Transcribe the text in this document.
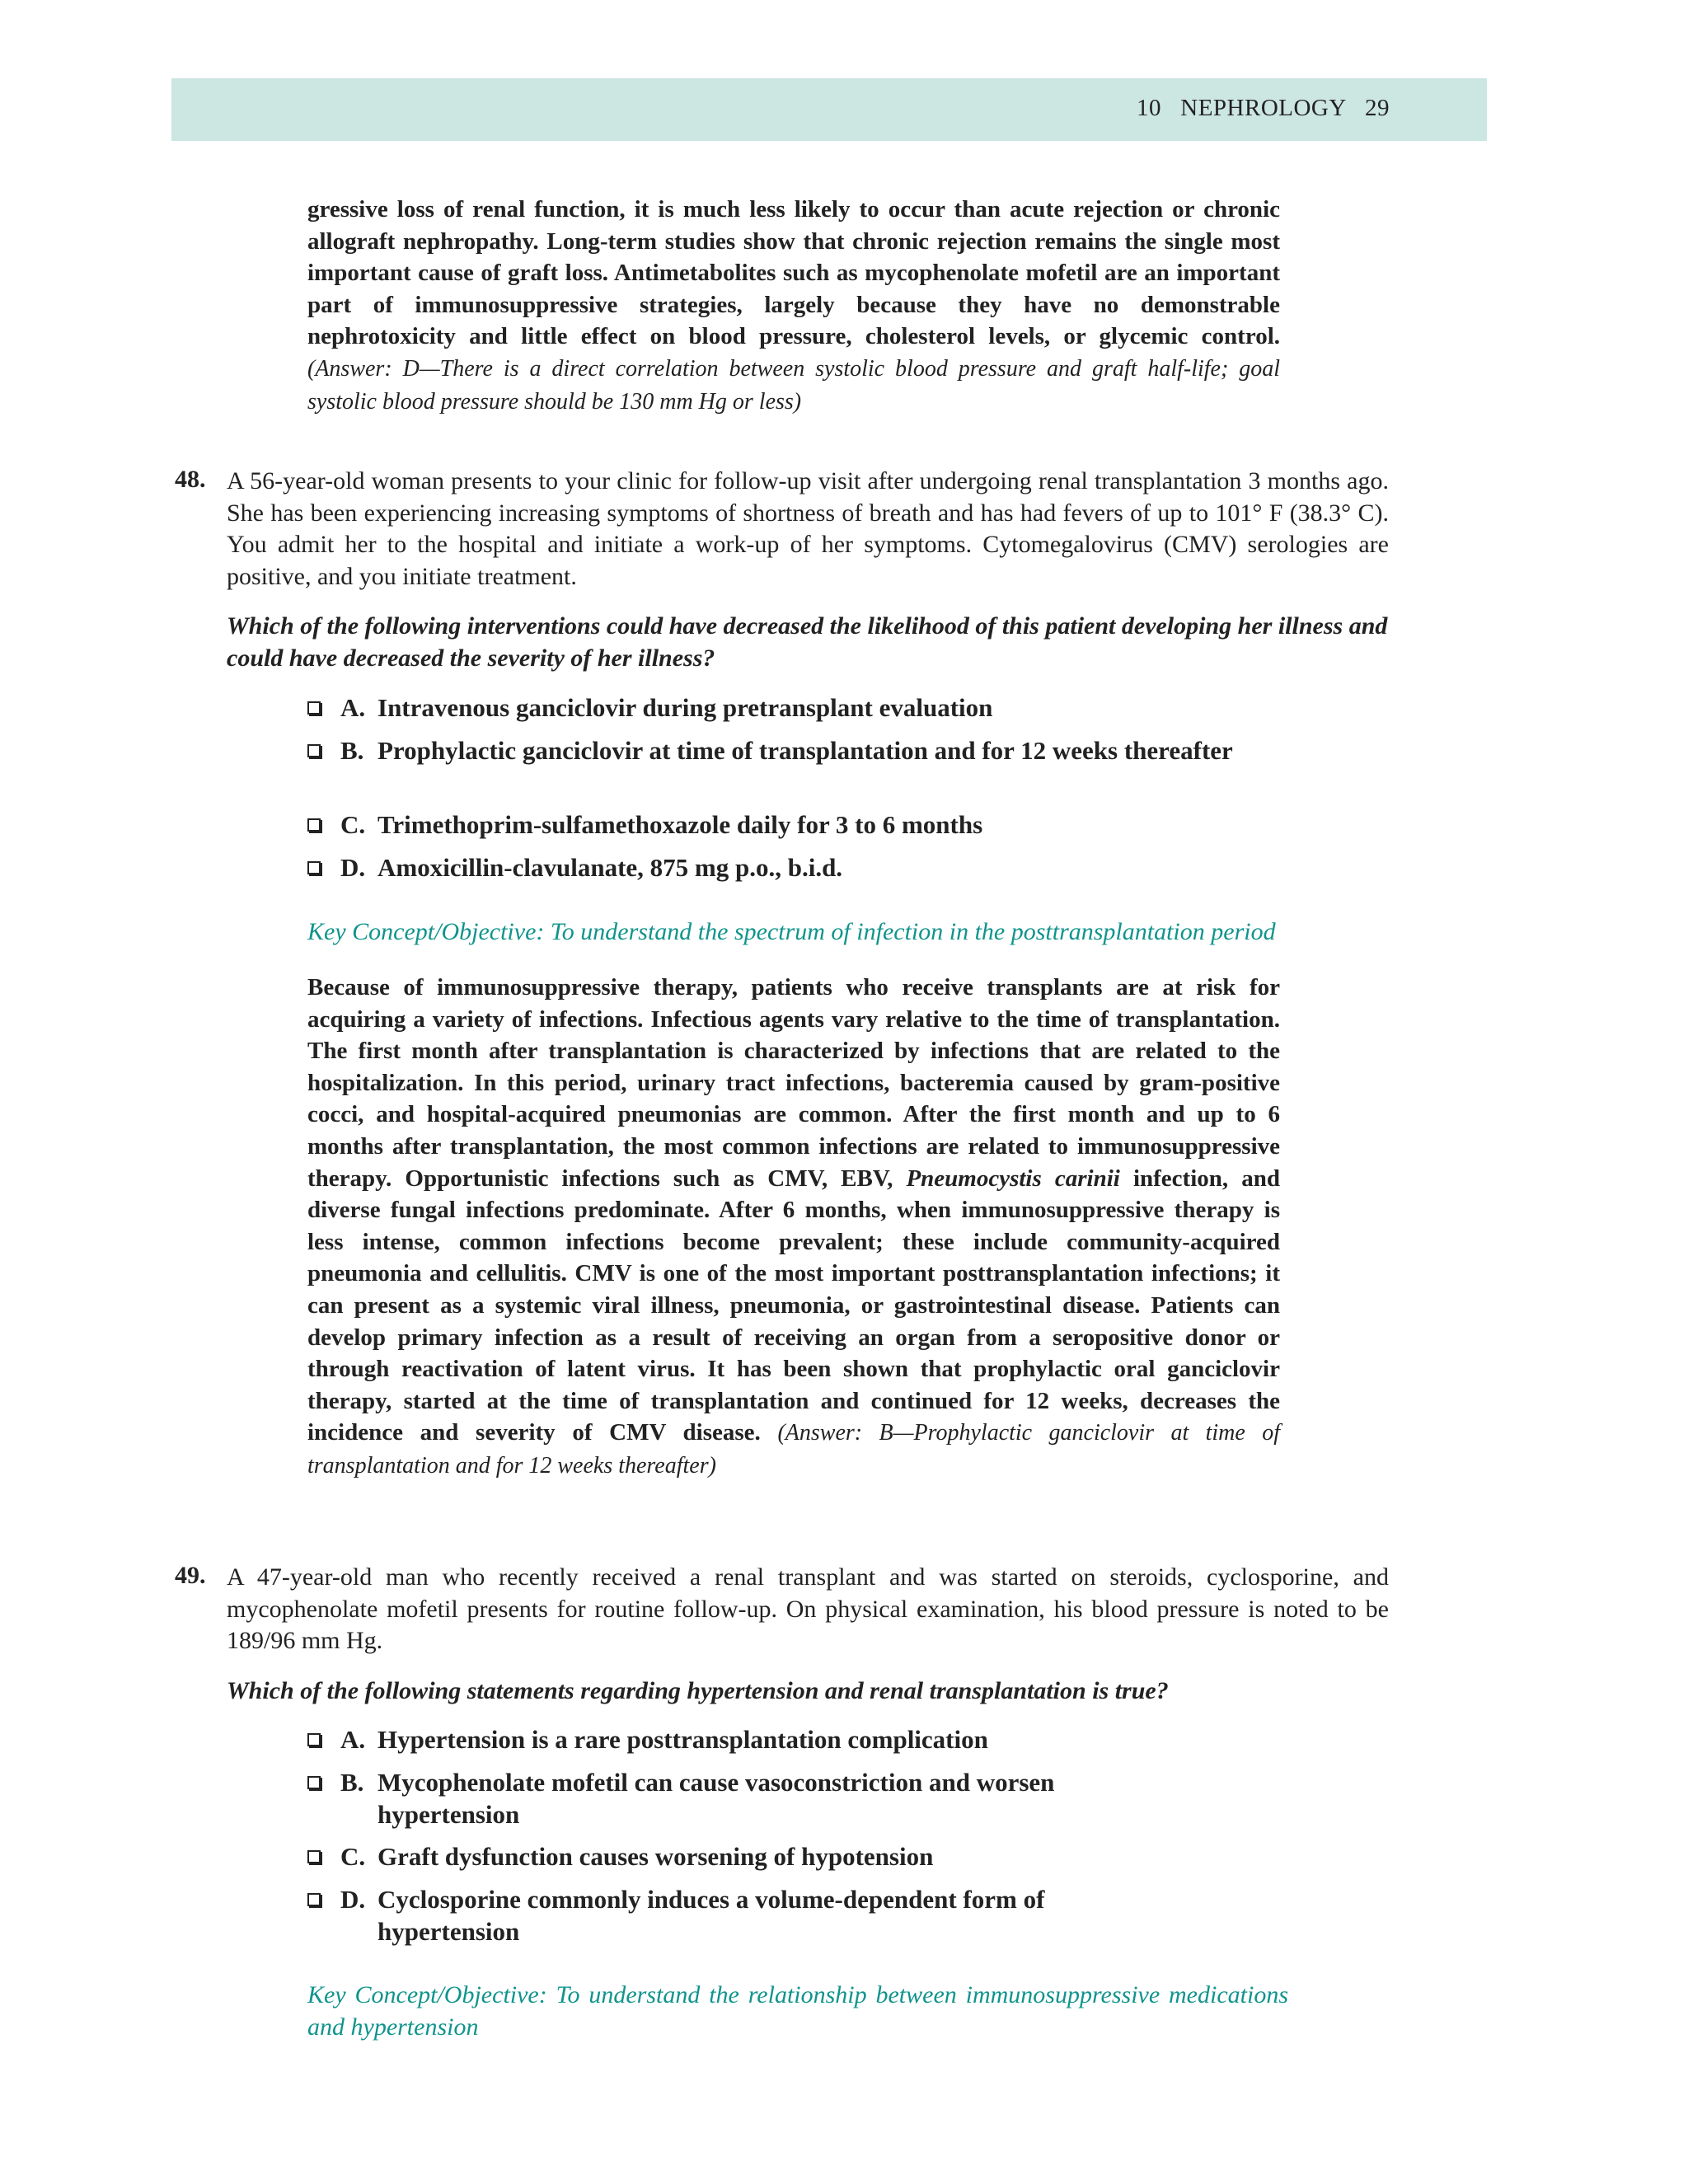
10 NEPHROLOGY 29

gressive loss of renal function, it is much less likely to occur than acute rejection or chronic allograft nephropathy. Long-term studies show that chronic rejection remains the single most important cause of graft loss. Antimetabolites such as mycophenolate mofetil are an important part of immunosuppressive strategies, largely because they have no demonstrable nephrotoxicity and little effect on blood pressure, cholesterol levels, or glycemic control. (Answer: D—There is a direct correlation between systolic blood pressure and graft half-life; goal systolic blood pressure should be 130 mm Hg or less)

48. A 56-year-old woman presents to your clinic for follow-up visit after undergoing renal transplantation 3 months ago. She has been experiencing increasing symptoms of shortness of breath and has had fevers of up to 101° F (38.3° C). You admit her to the hospital and initiate a work-up of her symptoms. Cytomegalovirus (CMV) serologies are positive, and you initiate treatment.

Which of the following interventions could have decreased the likelihood of this patient developing her illness and could have decreased the severity of her illness?

A. Intravenous ganciclovir during pretransplant evaluation
B. Prophylactic ganciclovir at time of transplantation and for 12 weeks thereafter
C. Trimethoprim-sulfamethoxazole daily for 3 to 6 months
D. Amoxicillin-clavulanate, 875 mg p.o., b.i.d.

Key Concept/Objective: To understand the spectrum of infection in the posttransplantation period

Because of immunosuppressive therapy, patients who receive transplants are at risk for acquiring a variety of infections. Infectious agents vary relative to the time of transplantation. The first month after transplantation is characterized by infections that are related to the hospitalization. In this period, urinary tract infections, bacteremia caused by gram-positive cocci, and hospital-acquired pneumonias are common. After the first month and up to 6 months after transplantation, the most common infections are related to immunosuppressive therapy. Opportunistic infections such as CMV, EBV, Pneumocystis carinii infection, and diverse fungal infections predominate. After 6 months, when immunosuppressive therapy is less intense, common infections become prevalent; these include community-acquired pneumonia and cellulitis. CMV is one of the most important posttransplantation infections; it can present as a systemic viral illness, pneumonia, or gastrointestinal disease. Patients can develop primary infection as a result of receiving an organ from a seropositive donor or through reactivation of latent virus. It has been shown that prophylactic oral ganciclovir therapy, started at the time of transplantation and continued for 12 weeks, decreases the incidence and severity of CMV disease. (Answer: B—Prophylactic ganciclovir at time of transplantation and for 12 weeks thereafter)

49. A 47-year-old man who recently received a renal transplant and was started on steroids, cyclosporine, and mycophenolate mofetil presents for routine follow-up. On physical examination, his blood pressure is noted to be 189/96 mm Hg.

Which of the following statements regarding hypertension and renal transplantation is true?

A. Hypertension is a rare posttransplantation complication
B. Mycophenolate mofetil can cause vasoconstriction and worsen hypertension
C. Graft dysfunction causes worsening of hypotension
D. Cyclosporine commonly induces a volume-dependent form of hypertension

Key Concept/Objective: To understand the relationship between immunosuppressive medications and hypertension
